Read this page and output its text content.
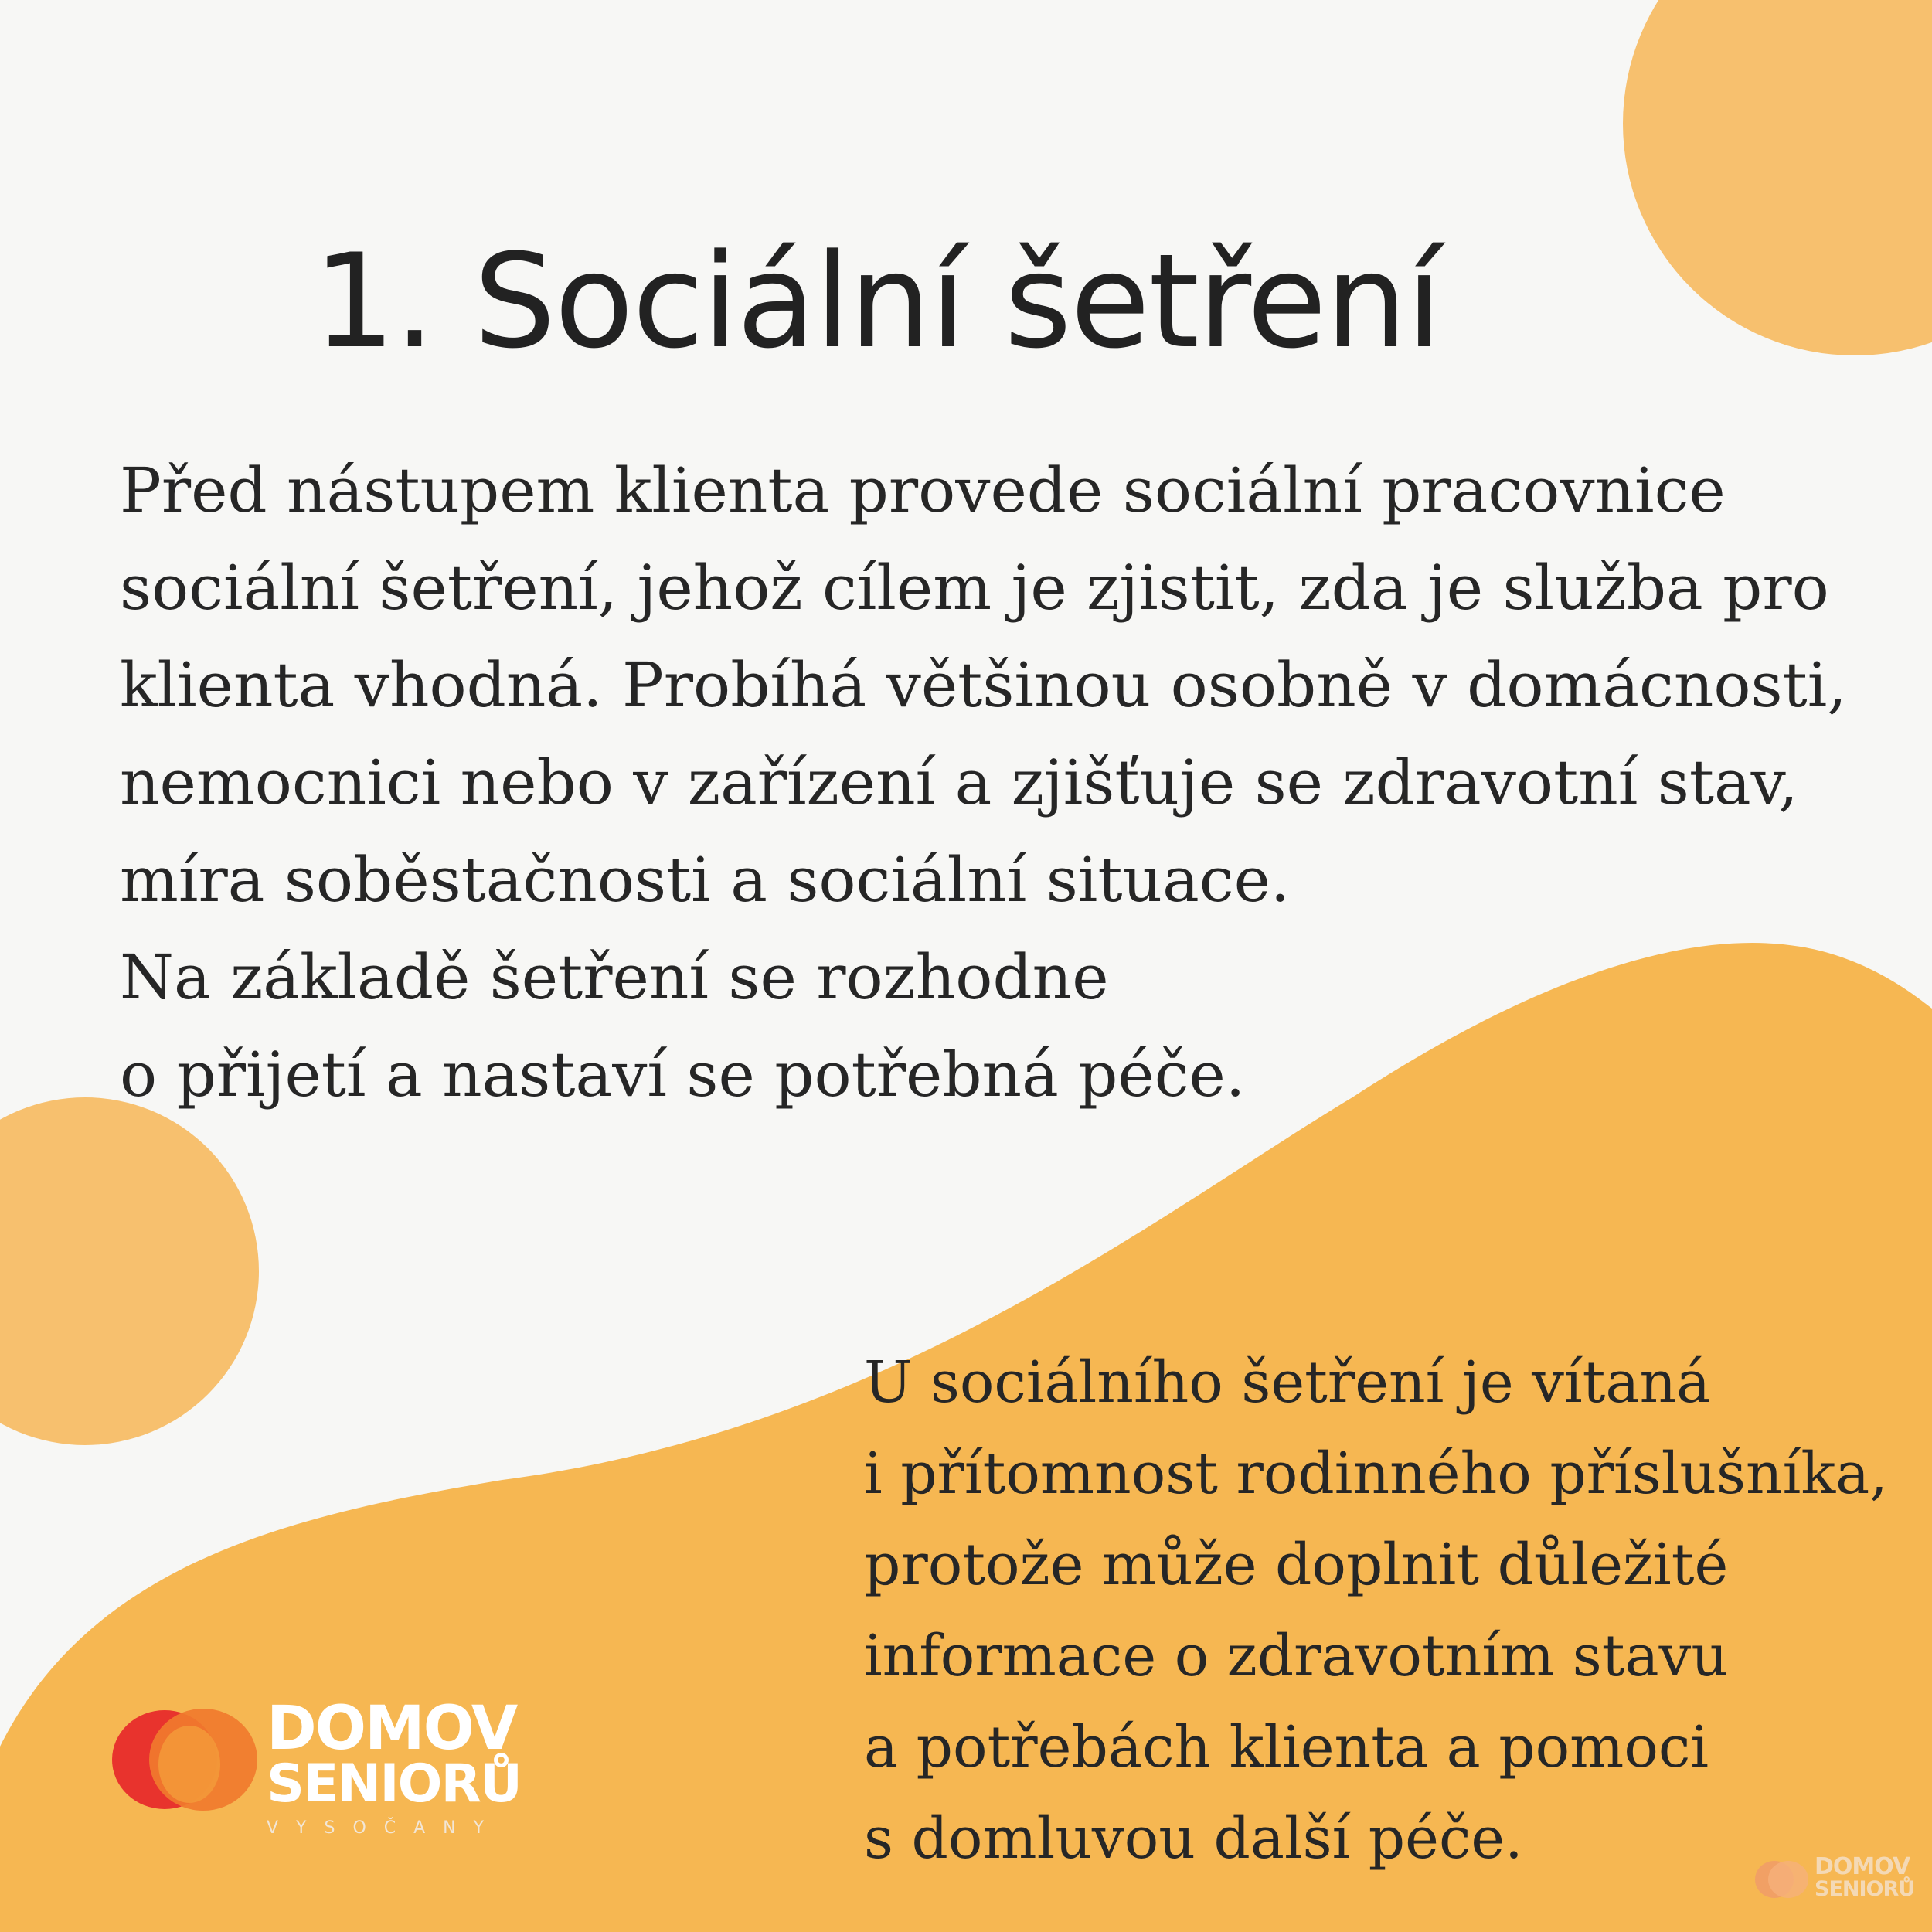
1. Sociální šetření
Před nástupem klienta provede sociální pracovnice
sociální šetření, jehož cílem je zjistit, zda je služba pro
klienta vhodná. Probíhá většinou osobně v domácnosti,
nemocnici nebo v zařízení a zjišťuje se zdravotní stav,
míra soběstačnosti a sociální situace.
Na základě šetření se rozhodne
o přijetí a nastaví se potřebná péče.
U sociálního šetření je vítaná
i přítomnost rodinného příslušníka,
protože může doplnit důležité
informace o zdravotním stavu
a potřebách klienta a pomoci
s domluvou další péče.
DOMOV
SENIORŮ
VYSOČANY
DOMOV
SENIORŮ
